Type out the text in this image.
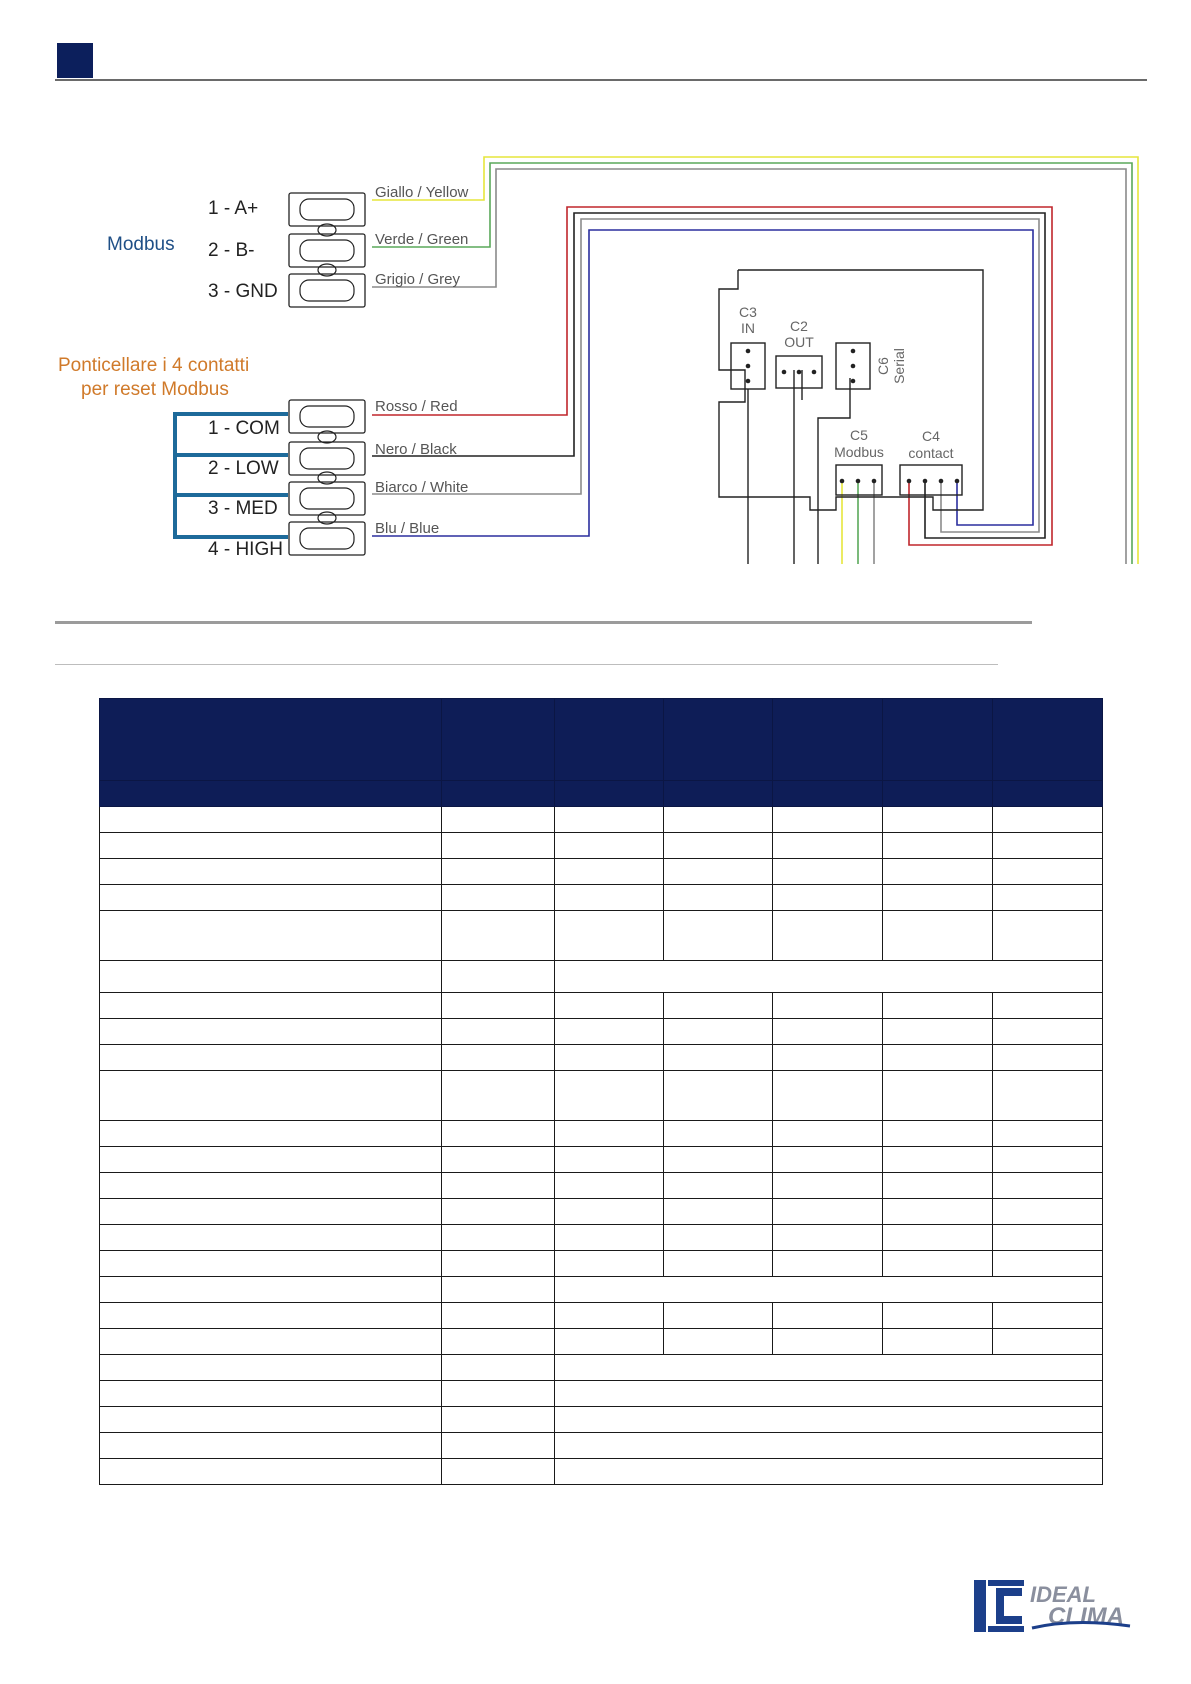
C3
IN	C2
OUT
C6 Serial
C5
Modbus
C4
contact
Modbus
1 - A+
2 - B-
3 - GND
Giallo / Yellow
Verde / Green
Grigio / Grey
Ponticellare i 4 contatti
per reset Modbus
1 - COM
2 - LOW
3 - MED
4 - HIGH
Rosso / Red
Nero / Black
Biarco / White
Blu / Blue

IDEAL
CLIMA
